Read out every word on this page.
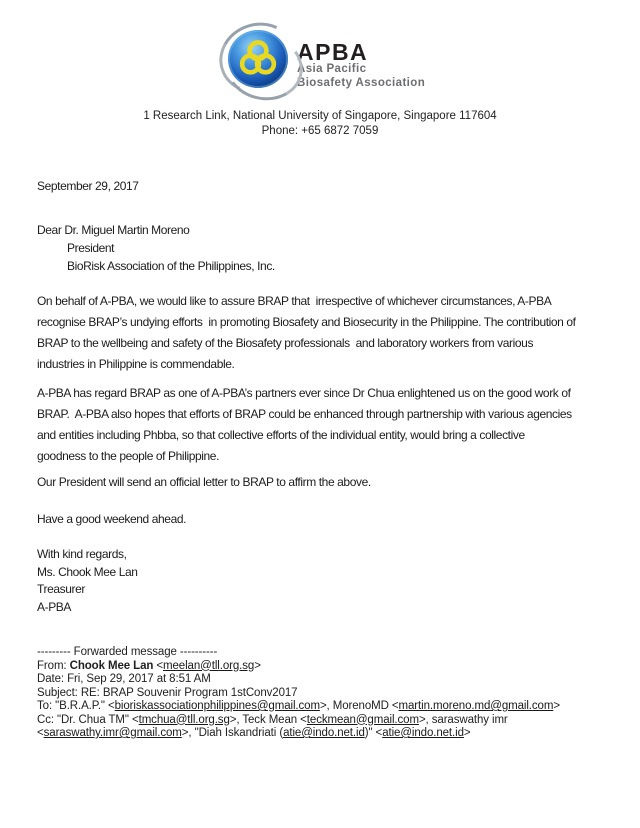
APBA
Asia Pacific
Biosafety Association
1 Research Link, National University of Singapore, Singapore 117604
Phone: +65 6872 7059
September 29, 2017
Dear Dr. Miguel Martin Moreno
President
BioRisk Association of the Philippines, Inc.
On behalf of A-PBA, we would like to assure BRAP that  irrespective of whichever circumstances, A-PBA
recognise BRAP’s undying efforts  in promoting Biosafety and Biosecurity in the Philippine. The contribution of
BRAP to the wellbeing and safety of the Biosafety professionals  and laboratory workers from various
industries in Philippine is commendable.
A-PBA has regard BRAP as one of A-PBA’s partners ever since Dr Chua enlightened us on the good work of
BRAP.  A-PBA also hopes that efforts of BRAP could be enhanced through partnership with various agencies
and entities including Phbba, so that collective efforts of the individual entity, would bring a collective
goodness to the people of Philippine.
Our President will send an official letter to BRAP to affirm the above.
Have a good weekend ahead.
With kind regards,
Ms. Chook Mee Lan
Treasurer
A-PBA
--------- Forwarded message ----------
From: Chook Mee Lan <meelan@tll.org.sg>
Date: Fri, Sep 29, 2017 at 8:51 AM
Subject: RE: BRAP Souvenir Program 1stConv2017
To: "B.R.A.P." <bioriskassociationphilippines@gmail.com>, MorenoMD <martin.moreno.md@gmail.com>
Cc: "Dr. Chua TM" <tmchua@tll.org.sg>, Teck Mean <teckmean@gmail.com>, saraswathy imr
<saraswathy.imr@gmail.com>, "Diah Iskandriati (atie@indo.net.id)" <atie@indo.net.id>
